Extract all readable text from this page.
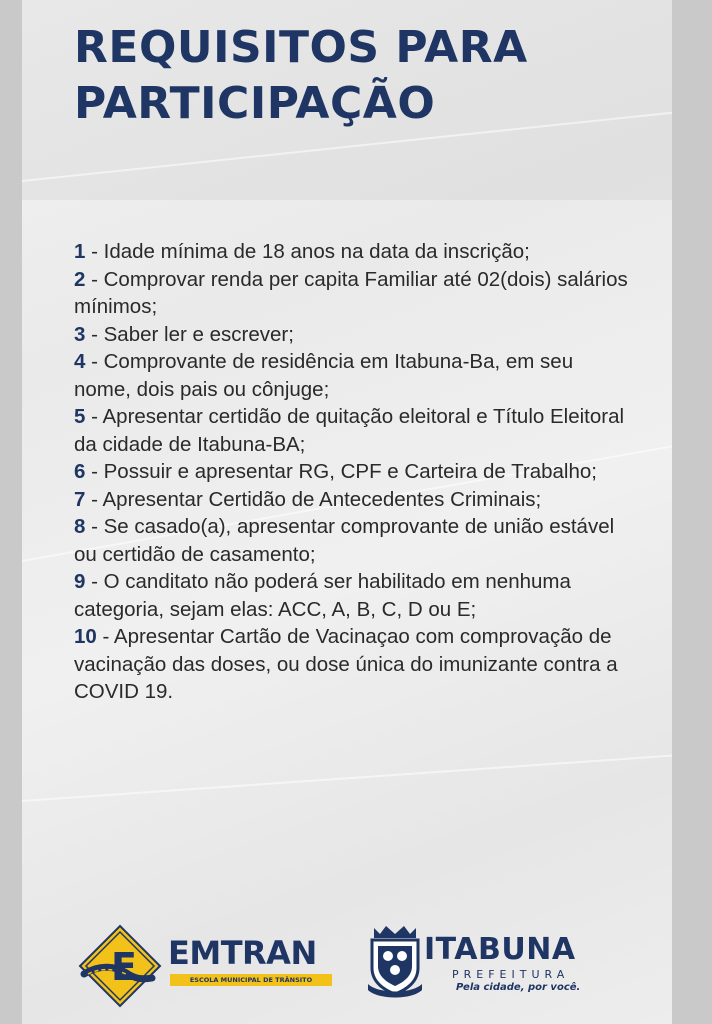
REQUISITOS PARA
PARTICIPAÇÃO
1 - Idade mínima de 18 anos na data da inscrição;
2 - Comprovar renda per capita Familiar até 02(dois) salários mínimos;
3 - Saber ler e escrever;
4 - Comprovante de residência em Itabuna-Ba, em seu nome, dois pais ou cônjuge;
5 - Apresentar certidão de quitação eleitoral e Título Eleitoral da cidade de Itabuna-BA;
6 - Possuir e apresentar RG, CPF e Carteira de Trabalho;
7 - Apresentar Certidão de Antecedentes Criminais;
8 - Se casado(a), apresentar comprovante de união estável ou certidão de casamento;
9 - O canditato não poderá ser habilitado em nenhuma categoria, sejam elas: ACC, A, B, C, D ou E;
10 - Apresentar Cartão de Vacinaçao com comprovação de vacinação das doses, ou dose única do imunizante contra a COVID 19.
E EMTRAN
ESCOLA MUNICIPAL DE TRÂNSITO
ITABUNA
PREFEITURA
Pela cidade, por você.
